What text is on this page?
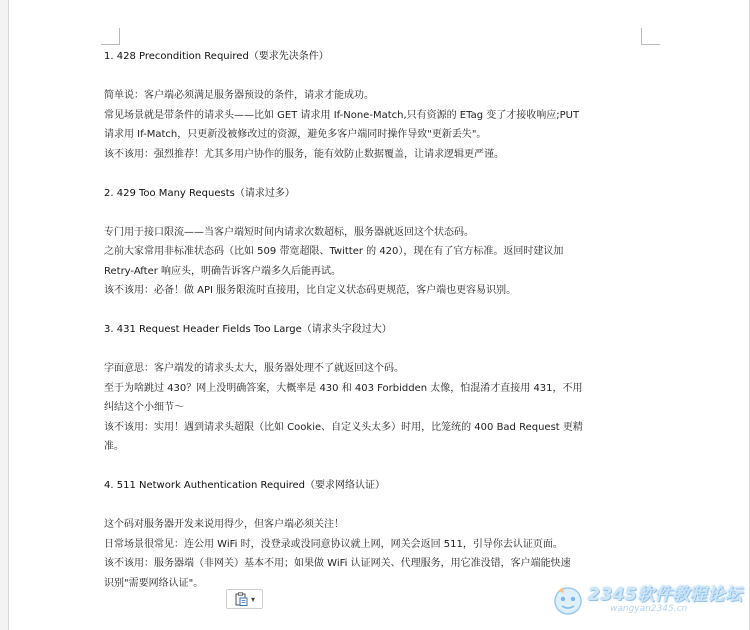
1. 428 Precondition Required（要求先决条件）

简单说：客户端必须满足服务器预设的条件，请求才能成功。

常见场景就是带条件的请求头——比如 GET 请求用 If-None-Match,只有资源的 ETag 变了才接收响应;PUT

请求用 If-Match，只更新没被修改过的资源，避免多客户端同时操作导致"更新丢失"。

该不该用：强烈推荐！尤其多用户协作的服务，能有效防止数据覆盖，让请求逻辑更严谨。

2. 429 Too Many Requests（请求过多）

专门用于接口限流——当客户端短时间内请求次数超标，服务器就返回这个状态码。

之前大家常用非标准状态码（比如 509 带宽超限、Twitter 的 420），现在有了官方标准。返回时建议加

Retry-After 响应头，明确告诉客户端多久后能再试。

该不该用：必备！做 API 服务限流时直接用，比自定义状态码更规范，客户端也更容易识别。

3. 431 Request Header Fields Too Large（请求头字段过大）

字面意思：客户端发的请求头太大，服务器处理不了就返回这个码。

至于为啥跳过 430？网上没明确答案，大概率是 430 和 403 Forbidden 太像，怕混淆才直接用 431，不用

纠结这个小细节～

该不该用：实用！遇到请求头超限（比如 Cookie、自定义头太多）时用，比笼统的 400 Bad Request 更精

准。

4. 511 Network Authentication Required（要求网络认证）

这个码对服务器开发来说用得少，但客户端必须关注！

日常场景很常见：连公用 WiFi 时，没登录或没同意协议就上网，网关会返回 511，引导你去认证页面。

该不该用：服务器端（非网关）基本不用；如果做 WiFi 认证网关、代理服务，用它准没错，客户端能快速

识别"需要网络认证"。

▾	2345软件教程论坛
wangyan2345.cn
